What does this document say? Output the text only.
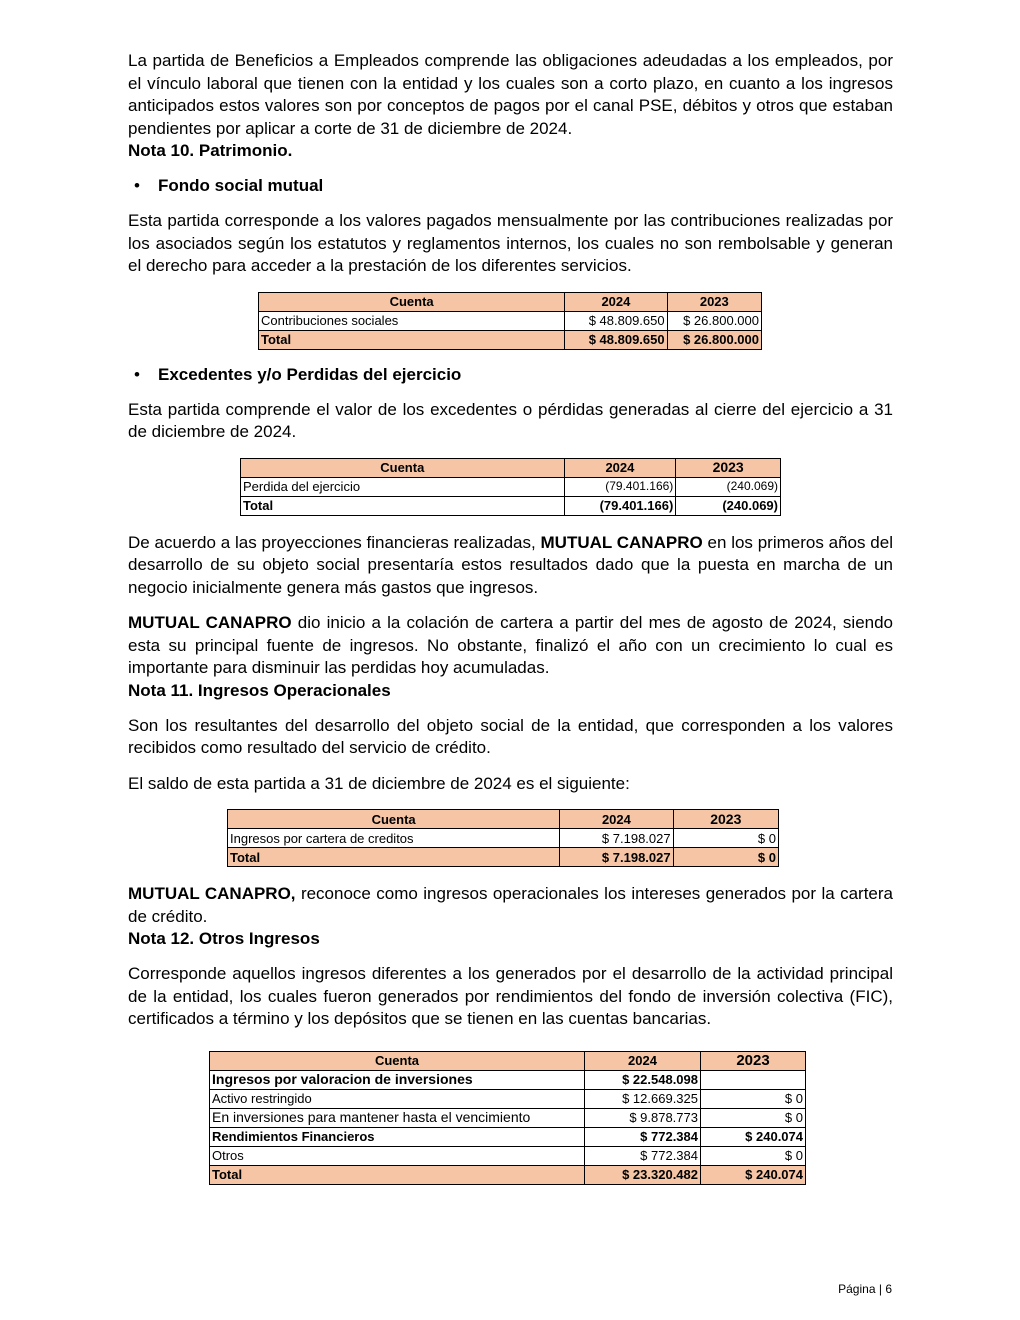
La partida de Beneficios a Empleados comprende las obligaciones adeudadas a los empleados, por el vínculo laboral que tienen con la entidad y los cuales son a corto plazo, en cuanto a los ingresos anticipados estos valores son por conceptos de pagos por el canal PSE, débitos y otros que estaban pendientes por aplicar a corte de 31 de diciembre de 2024.

Nota 10. Patrimonio.

• Fondo social mutual

Esta partida corresponde a los valores pagados mensualmente por las contribuciones realizadas por los asociados según los estatutos y reglamentos internos, los cuales no son rembolsable y generan el derecho para acceder a la prestación de los diferentes servicios.

Cuenta	2024	2023
Contribuciones sociales	$ 48.809.650	$ 26.800.000
Total	$ 48.809.650	$ 26.800.000
• Excedentes y/o Perdidas del ejercicio

Esta partida comprende el valor de los excedentes o pérdidas generadas al cierre del ejercicio a 31 de diciembre de 2024.

Cuenta	2024	2023
Perdida del ejercicio	(79.401.166)	(240.069)
Total	(79.401.166)	(240.069)

De acuerdo a las proyecciones financieras realizadas, MUTUAL CANAPRO en los primeros años del desarrollo de su objeto social presentaría estos resultados dado que la puesta en marcha de un negocio inicialmente genera más gastos que ingresos.

MUTUAL CANAPRO dio inicio a la colación de cartera a partir del mes de agosto de 2024, siendo esta su principal fuente de ingresos. No obstante, finalizó el año con un crecimiento lo cual es importante para disminuir las perdidas hoy acumuladas.

Nota 11. Ingresos Operacionales

Son los resultantes del desarrollo del objeto social de la entidad, que corresponden a los valores recibidos como resultado del servicio de crédito.

El saldo de esta partida a 31 de diciembre de 2024 es el siguiente:

Cuenta	2024	2023
Ingresos por cartera de creditos	$ 7.198.027	$ 0
Total	$ 7.198.027	$ 0

MUTUAL CANAPRO, reconoce como ingresos operacionales los intereses generados por la cartera de crédito.

Nota 12. Otros Ingresos

Corresponde aquellos ingresos diferentes a los generados por el desarrollo de la actividad principal de la entidad, los cuales fueron generados por rendimientos del fondo de inversión colectiva (FIC), certificados a término y los depósitos que se tienen en las cuentas bancarias.

Cuenta	2024	2023
Ingresos por valoracion de inversiones	$ 22.548.098	
Activo restringido	$ 12.669.325	$ 0
En inversiones para mantener hasta el vencimiento	$ 9.878.773	$ 0
Rendimientos Financieros	$ 772.384	$ 240.074
Otros	$ 772.384	$ 0
Total	$ 23.320.482	$ 240.074
Página | 6
